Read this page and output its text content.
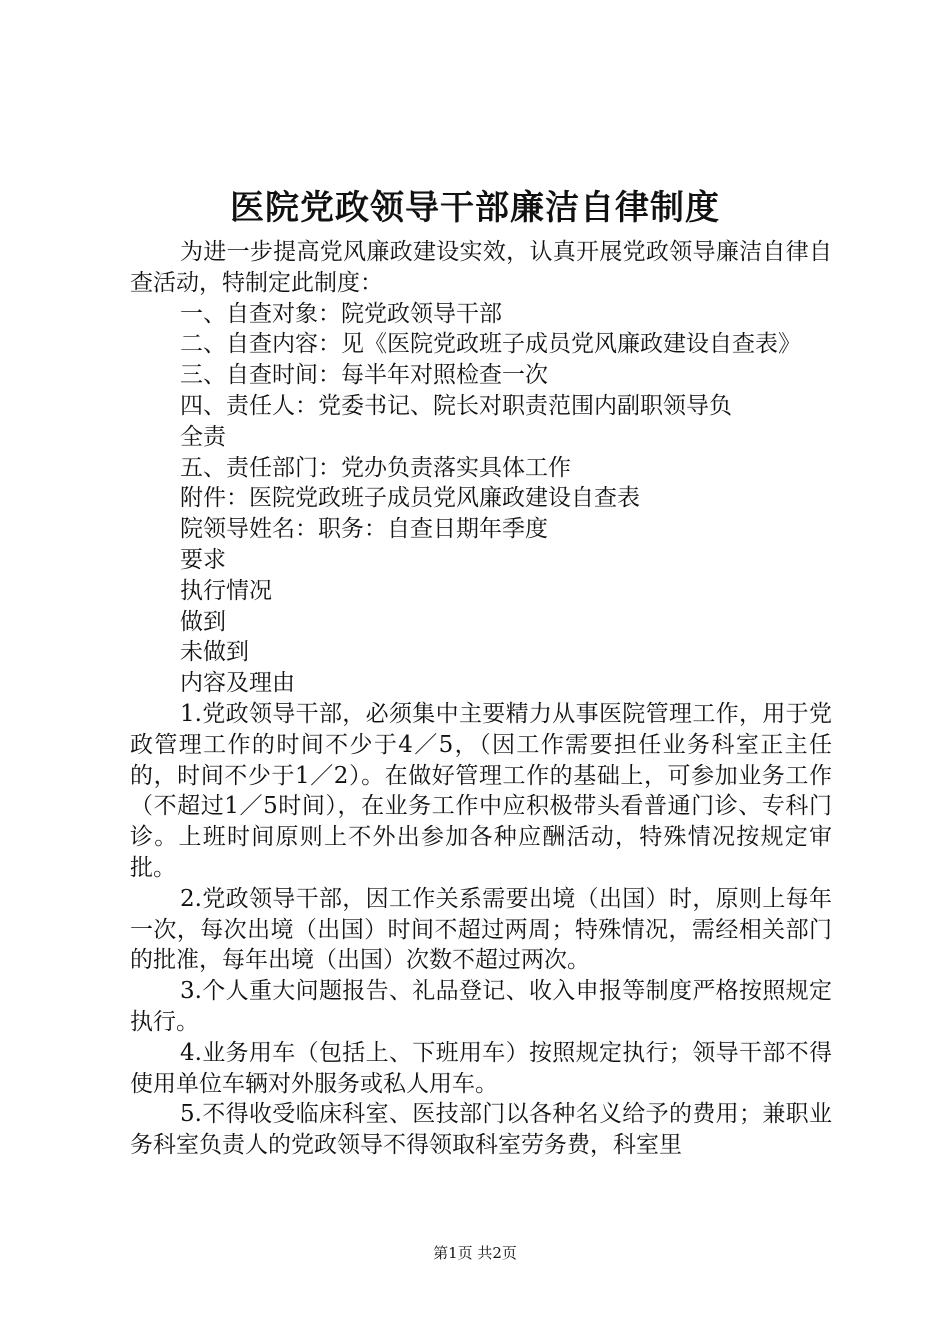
医院党政领导干部廉洁自律制度

为进一步提高党风廉政建设实效，认真开展党政领导廉洁自律自查活动，特制定此制度：

一、自查对象：院党政领导干部

二、自查内容：见《医院党政班子成员党风廉政建设自查表》

三、自查时间：每半年对照检查一次

四、责任人：党委书记、院长对职责范围内副职领导负

全责

五、责任部门：党办负责落实具体工作

附件：医院党政班子成员党风廉政建设自查表

院领导姓名：职务：自查日期年季度

要求

执行情况

做到

未做到

内容及理由

1.党政领导干部，必须集中主要精力从事医院管理工作，用于党政管理工作的时间不少于4／5，（因工作需要担任业务科室正主任的，时间不少于1／2）。在做好管理工作的基础上，可参加业务工作（不超过1／5时间），在业务工作中应积极带头看普通门诊、专科门诊。上班时间原则上不外出参加各种应酬活动，特殊情况按规定审批。

2.党政领导干部，因工作关系需要出境（出国）时，原则上每年一次，每次出境（出国）时间不超过两周；特殊情况，需经相关部门的批准，每年出境（出国）次数不超过两次。

3.个人重大问题报告、礼品登记、收入申报等制度严格按照规定执行。

4.业务用车（包括上、下班用车）按照规定执行；领导干部不得使用单位车辆对外服务或私人用车。

5.不得收受临床科室、医技部门以各种名义给予的费用；兼职业务科室负责人的党政领导不得领取科室劳务费，科室里

第1页 共2页
